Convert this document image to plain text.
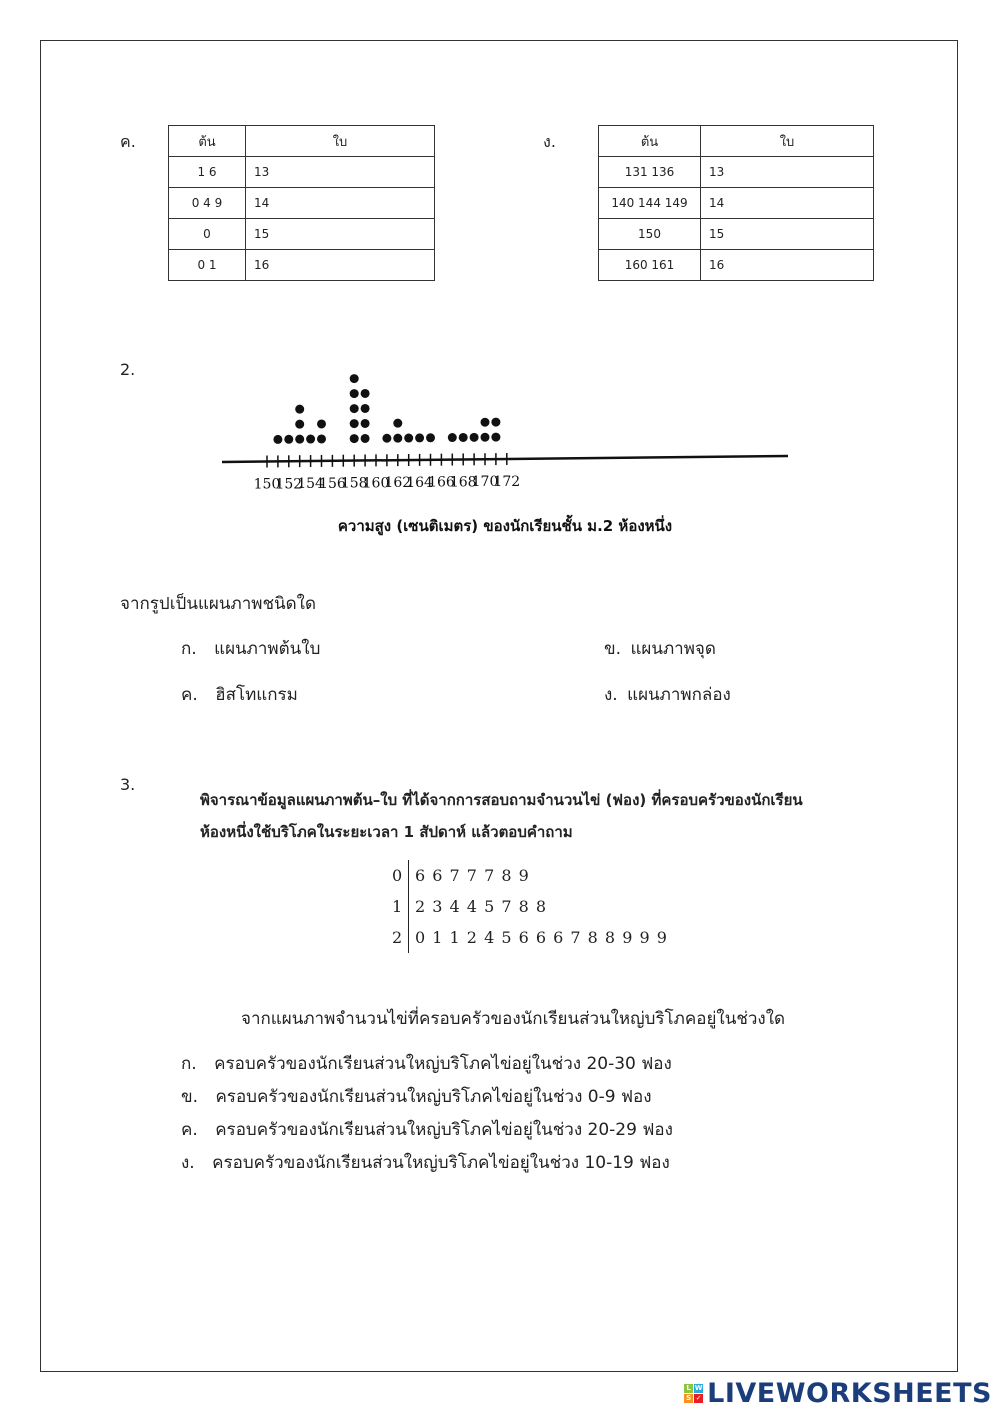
ค.	ต้น	ใบ
1 6	13
0 4 9	14
0	15
0 1	16
ง.	ต้น	ใบ
131 136	13
140 144 149	14
150	15
160 161	16
2.
150
152
154
156
158
160
162
164
166
168
170
172
ความสูง (เซนติเมตร) ของนักเรียนชั้น ม.2 ห้องหนึ่ง
จากรูปเป็นแผนภาพชนิดใด
ก. แผนภาพต้นใบ	ข. แผนภาพจุด
ค. ฮิสโทแกรม	ง. แผนภาพกล่อง
3.
พิจารณาข้อมูลแผนภาพต้น–ใบ ที่ได้จากการสอบถามจำนวนไข่ (ฟอง) ที่ครอบครัวของนักเรียน
ห้องหนึ่งใช้บริโภคในระยะเวลา 1 สัปดาห์ แล้วตอบคำถาม
0 6 6 7 7 7 8 9
1 2 3 4 4 5 7 8 8
2 0 1 1 2 4 5 6 6 6 7 8 8 9 9 9
จากแผนภาพจำนวนไข่ที่ครอบครัวของนักเรียนส่วนใหญ่บริโภคอยู่ในช่วงใด
ก. ครอบครัวของนักเรียนส่วนใหญ่บริโภคไข่อยู่ในช่วง 20-30 ฟอง
ข. ครอบครัวของนักเรียนส่วนใหญ่บริโภคไข่อยู่ในช่วง 0-9 ฟอง
ค. ครอบครัวของนักเรียนส่วนใหญ่บริโภคไข่อยู่ในช่วง 20-29 ฟอง
ง. ครอบครัวของนักเรียนส่วนใหญ่บริโภคไข่อยู่ในช่วง 10-19 ฟอง
L W
S ✓ LIVEWORKSHEETS
